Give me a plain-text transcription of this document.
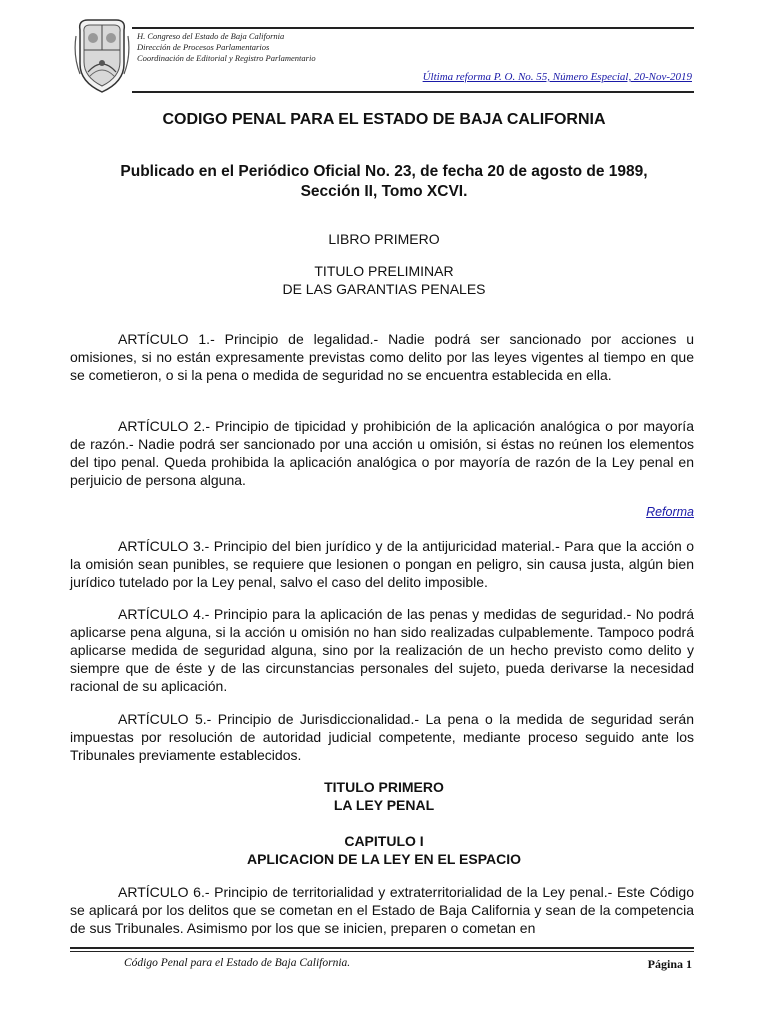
H. Congreso del Estado de Baja California
Dirección de Procesos Parlamentarios
Coordinación de Editorial y Registro Parlamentario
Última reforma P. O. No. 55, Número Especial, 20-Nov-2019
CODIGO PENAL PARA EL ESTADO DE BAJA CALIFORNIA
Publicado en el Periódico Oficial No. 23, de fecha 20 de agosto de 1989,
Sección II, Tomo XCVI.
LIBRO PRIMERO
TITULO PRELIMINAR
DE LAS GARANTIAS PENALES

ARTÍCULO 1.- Principio de legalidad.- Nadie podrá ser sancionado por acciones u omisiones, si no están expresamente previstas como delito por las leyes vigentes al tiempo en que se cometieron, o si la pena o medida de seguridad no se encuentra establecida en ella.

ARTÍCULO 2.- Principio de tipicidad y prohibición de la aplicación analógica o por mayoría de razón.- Nadie podrá ser sancionado por una acción u omisión, si éstas no reúnen los elementos del tipo penal. Queda prohibida la aplicación analógica o por mayoría de razón de la Ley penal en perjuicio de persona alguna.

Reforma

ARTÍCULO 3.- Principio del bien jurídico y de la antijuricidad material.- Para que la acción o la omisión sean punibles, se requiere que lesionen o pongan en peligro, sin causa justa, algún bien jurídico tutelado por la Ley penal, salvo el caso del delito imposible.

ARTÍCULO 4.- Principio para la aplicación de las penas y medidas de seguridad.- No podrá aplicarse pena alguna, si la acción u omisión no han sido realizadas culpablemente. Tampoco podrá aplicarse medida de seguridad alguna, sino por la realización de un hecho previsto como delito y siempre que de éste y de las circunstancias personales del sujeto, pueda derivarse la necesidad racional de su aplicación.

ARTÍCULO 5.- Principio de Jurisdiccionalidad.- La pena o la medida de seguridad serán impuestas por resolución de autoridad judicial competente, mediante proceso seguido ante los Tribunales previamente establecidos.

TITULO PRIMERO
LA LEY PENAL
CAPITULO I
APLICACION DE LA LEY EN EL ESPACIO

ARTÍCULO 6.- Principio de territorialidad y extraterritorialidad de la Ley penal.- Este Código se aplicará por los delitos que se cometan en el Estado de Baja California y sean de la competencia de sus Tribunales. Asimismo por los que se inicien, preparen o cometan en

Código Penal para el Estado de Baja California.	Página 1
